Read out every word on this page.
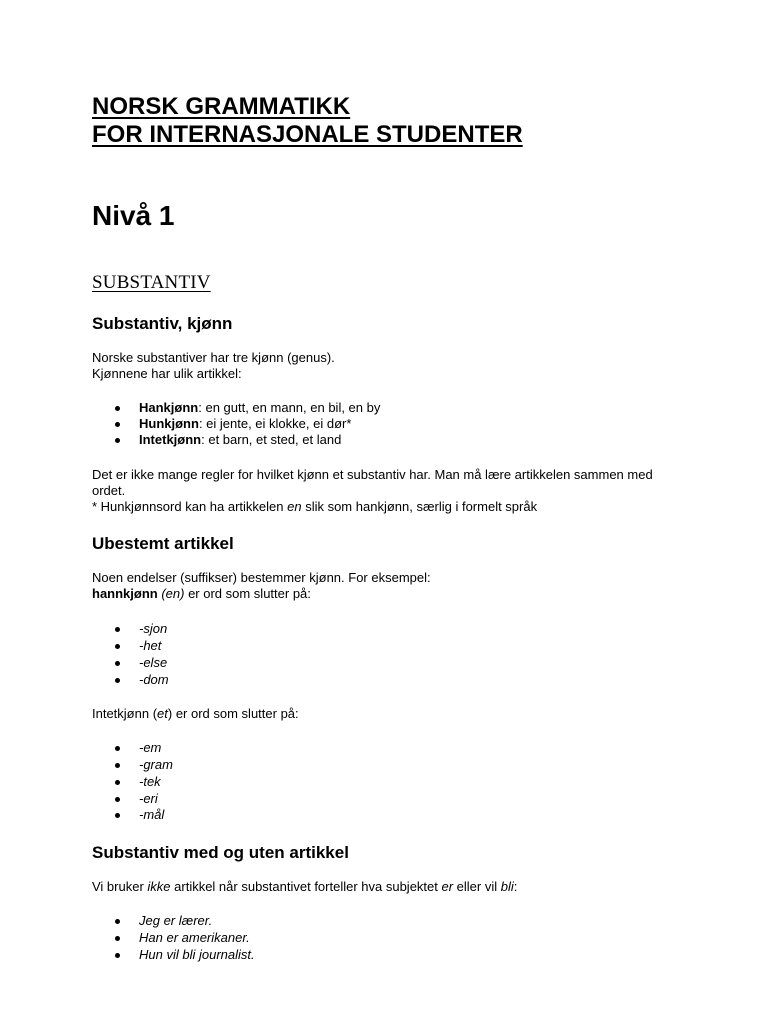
NORSK GRAMMATIKK
FOR INTERNASJONALE STUDENTER
Nivå 1
SUBSTANTIV
Substantiv, kjønn
Norske substantiver har tre kjønn (genus).
Kjønnene har ulik artikkel:
Hankjønn: en gutt, en mann, en bil, en by
Hunkjønn: ei jente, ei klokke, ei dør*
Intetkjønn: et barn, et sted, et land
Det er ikke mange regler for hvilket kjønn et substantiv har. Man må lære artikkelen sammen med
ordet.
* Hunkjønnsord kan ha artikkelen en slik som hankjønn, særlig i formelt språk
Ubestemt artikkel
Noen endelser (suffikser) bestemmer kjønn. For eksempel:
hannkjønn (en) er ord som slutter på:
-sjon
-het
-else
-dom
Intetkjønn (et) er ord som slutter på:
-em
-gram
-tek
-eri
-mål
Substantiv med og uten artikkel
Vi bruker ikke artikkel når substantivet forteller hva subjektet er eller vil bli:
Jeg er lærer.
Han er amerikaner.
Hun vil bli journalist.
